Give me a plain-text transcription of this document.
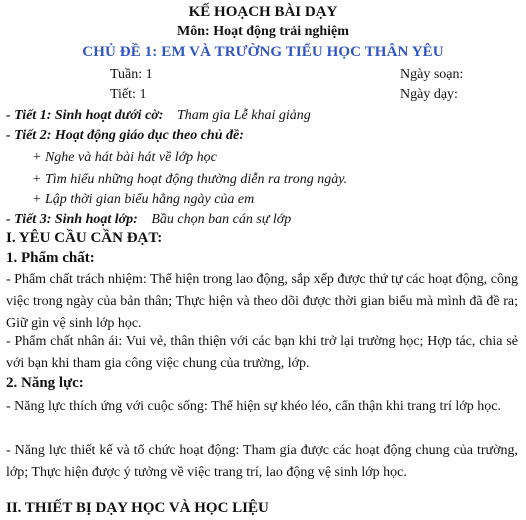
KẾ HOẠCH BÀI DẠY
Môn: Hoạt động trải nghiệm
CHỦ ĐỀ 1: EM VÀ TRƯỜNG TIỂU HỌC THÂN YÊU
Tuần: 1	Ngày soạn:
Tiết: 1	Ngày dạy:
- Tiết 1: Sinh hoạt dưới cờ: Tham gia Lễ khai giảng
- Tiết 2: Hoạt động giáo dục theo chủ đề:
+ Nghe và hát bài hát về lớp học
+ Tìm hiểu những hoạt động thường diễn ra trong ngày.
+ Lập thời gian biểu hằng ngày của em
- Tiết 3: Sinh hoạt lớp: Bầu chọn ban cán sự lớp
I. YÊU CẦU CẦN ĐẠT:
1. Phẩm chất:
- Phẩm chất trách nhiệm: Thể hiện trong lao động, sắp xếp được thứ tự các hoạt động, công việc trong ngày của bản thân; Thực hiện và theo dõi được thời gian biểu mà mình đã đề ra; Giữ gìn vệ sinh lớp học.
- Phẩm chất nhân ái: Vui vẻ, thân thiện với các bạn khi trở lại trường học; Hợp tác, chia sẻ với bạn khi tham gia công việc chung của trường, lớp.
2. Năng lực:
- Năng lực thích ứng với cuộc sống: Thể hiện sự khéo léo, cẩn thận khi trang trí lớp học.
- Năng lực thiết kế và tổ chức hoạt động: Tham gia được các hoạt động chung của trường, lớp; Thực hiện được ý tưởng về việc trang trí, lao động vệ sinh lớp học.
II. THIẾT BỊ DẠY HỌC VÀ HỌC LIỆU
